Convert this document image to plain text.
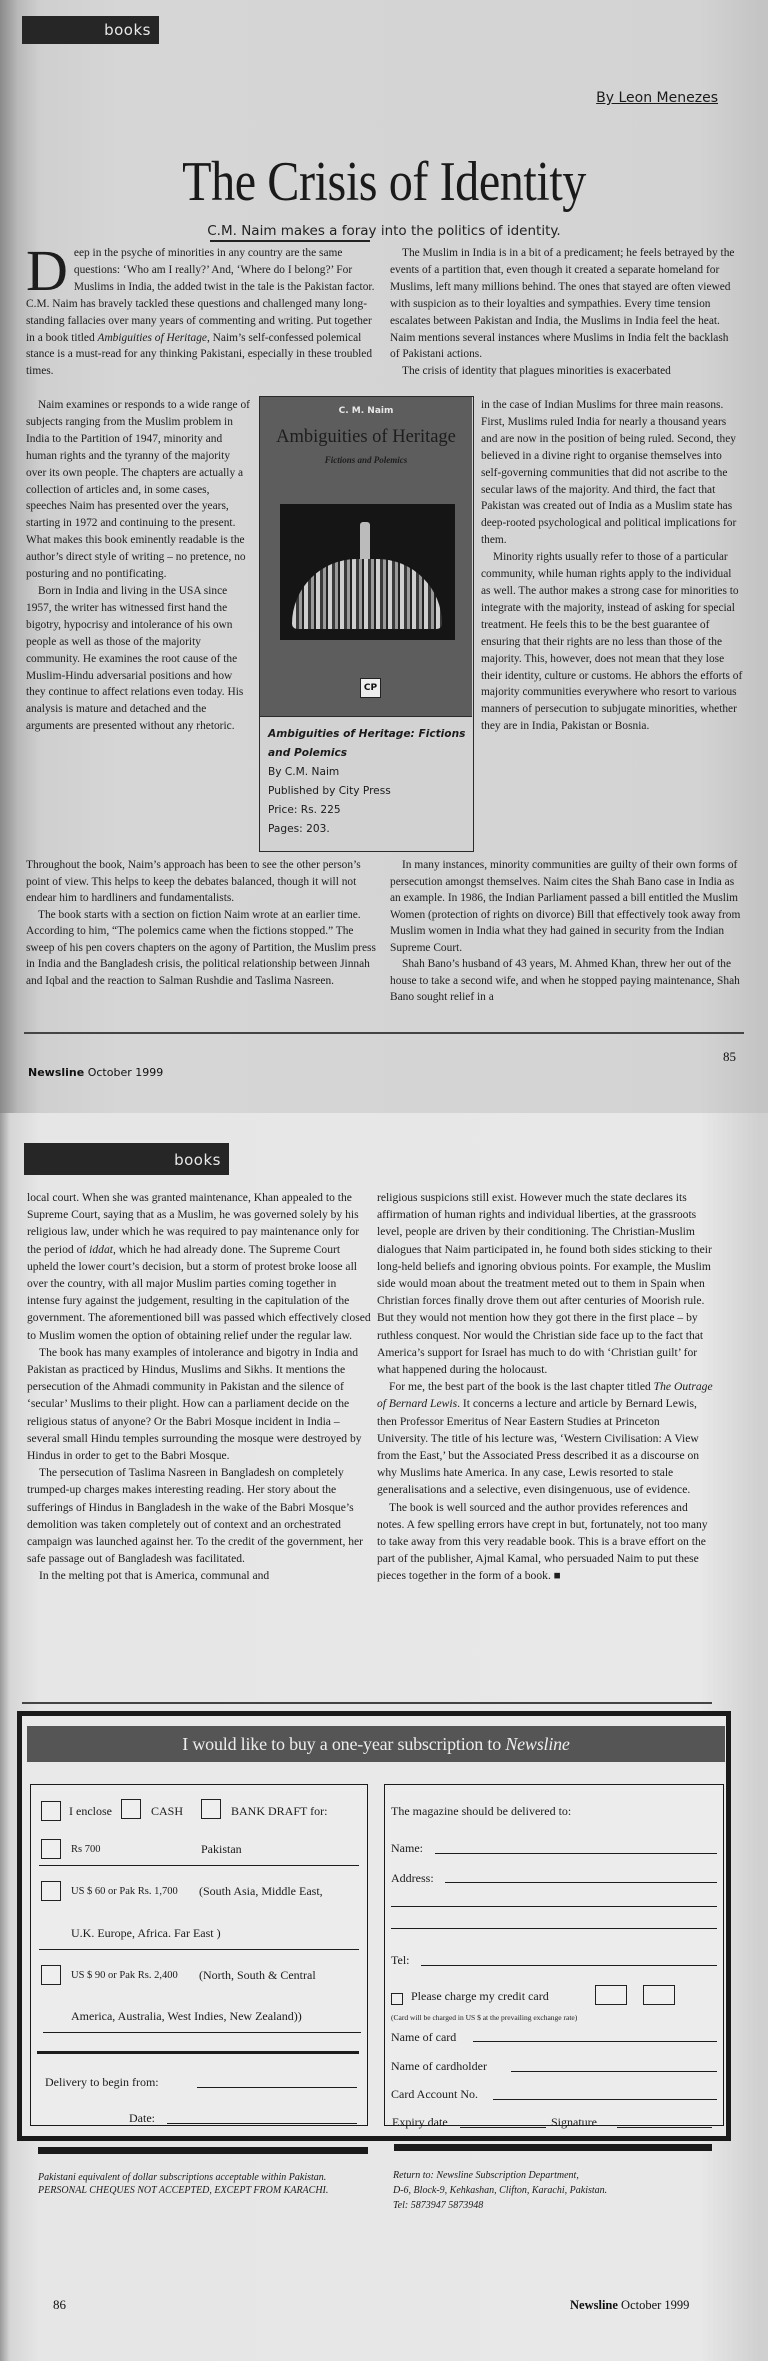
books
By Leon Menezes
The Crisis of Identity
C.M. Naim makes a foray into the politics of identity.

Deep in the psyche of minorities in any country are the same questions: ‘Who am I really?’ And, ‘Where do I belong?’ For Muslims in India, the added twist in the tale is the Pakistan factor. C.M. Naim has bravely tackled these questions and challenged many long-standing fallacies over many years of commenting and writing. Put together in a book titled Ambiguities of Heritage, Naim’s self-confessed polemical stance is a must-read for any thinking Pakistani, especially in these troubled times.

Naim examines or responds to a wide range of subjects ranging from the Muslim problem in India to the Partition of 1947, minority and human rights and the tyranny of the majority over its own people. The chapters are actually a collection of articles and, in some cases, speeches Naim has presented over the years, starting in 1972 and continuing to the present. What makes this book eminently readable is the author’s direct style of writing – no pretence, no posturing and no pontificating.

Born in India and living in the USA since 1957, the writer has witnessed first hand the bigotry, hypocrisy and intolerance of his own people as well as those of the majority community. He examines the root cause of the Muslim-Hindu adversarial positions and how they continue to affect relations even today. His analysis is mature and detached and the arguments are presented without any rhetoric.

Throughout the book, Naim’s approach has been to see the other person’s point of view. This helps to keep the debates balanced, though it will not endear him to hardliners and fundamentalists.

The book starts with a section on fiction Naim wrote at an earlier time. According to him, “The polemics came when the fictions stopped.” The sweep of his pen covers chapters on the agony of Partition, the Muslim press in India and the Bangladesh crisis, the political relationship between Jinnah and Iqbal and the reaction to Salman Rushdie and Taslima Nasreen.

The Muslim in India is in a bit of a predicament; he feels betrayed by the events of a partition that, even though it created a separate homeland for Muslims, left many millions behind. The ones that stayed are often viewed with suspicion as to their loyalties and sympathies. Every time tension escalates between Pakistan and India, the Muslims in India feel the heat. Naim mentions several instances where Muslims in India felt the backlash of Pakistani actions.

The crisis of identity that plagues minorities is exacerbated

in the case of Indian Muslims for three main reasons. First, Muslims ruled India for nearly a thousand years and are now in the position of being ruled. Second, they believed in a divine right to organise themselves into self-governing communities that did not ascribe to the secular laws of the majority. And third, the fact that Pakistan was created out of India as a Muslim state has deep-rooted psychological and political implications for them.

Minority rights usually refer to those of a particular community, while human rights apply to the individual as well. The author makes a strong case for minorities to integrate with the majority, instead of asking for special treatment. He feels this to be the best guarantee of ensuring that their rights are no less than those of the majority. This, however, does not mean that they lose their identity, culture or customs. He abhors the efforts of majority communities everywhere who resort to various manners of persecution to subjugate minorities, whether they are in India, Pakistan or Bosnia.

In many instances, minority communities are guilty of their own forms of persecution amongst themselves. Naim cites the Shah Bano case in India as an example. In 1986, the Indian Parliament passed a bill entitled the Muslim Women (protection of rights on divorce) Bill that effectively took away from Muslim women in India what they had gained in security from the Indian Supreme Court.

Shah Bano’s husband of 43 years, M. Ahmed Khan, threw her out of the house to take a second wife, and when he stopped paying maintenance, Shah Bano sought relief in a

C. M. Naim
Ambiguities of Heritage
Fictions and Polemics
CP
Ambiguities of Heritage: Fictions and Polemics
By C.M. Naim
Published by City Press
Price: Rs. 225
Pages: 203.
Newsline October 1999
85
books

local court. When she was granted maintenance, Khan appealed to the Supreme Court, saying that as a Muslim, he was governed solely by his religious law, under which he was required to pay maintenance only for the period of iddat, which he had already done. The Supreme Court upheld the lower court’s decision, but a storm of protest broke loose all over the country, with all major Muslim parties coming together in intense fury against the judgement, resulting in the capitulation of the government. The aforementioned bill was passed which effectively closed to Muslim women the option of obtaining relief under the regular law.

The book has many examples of intolerance and bigotry in India and Pakistan as practiced by Hindus, Muslims and Sikhs. It mentions the persecution of the Ahmadi community in Pakistan and the silence of ‘secular’ Muslims to their plight. How can a parliament decide on the religious status of anyone? Or the Babri Mosque incident in India – several small Hindu temples surrounding the mosque were destroyed by Hindus in order to get to the Babri Mosque.

The persecution of Taslima Nasreen in Bangladesh on completely trumped-up charges makes interesting reading. Her story about the sufferings of Hindus in Bangladesh in the wake of the Babri Mosque’s demolition was taken completely out of context and an orchestrated campaign was launched against her. To the credit of the government, her safe passage out of Bangladesh was facilitated.

In the melting pot that is America, communal and

religious suspicions still exist. However much the state declares its affirmation of human rights and individual liberties, at the grassroots level, people are driven by their conditioning. The Christian-Muslim dialogues that Naim participated in, he found both sides sticking to their long-held beliefs and ignoring obvious points. For example, the Muslim side would moan about the treatment meted out to them in Spain when Christian forces finally drove them out after centuries of Moorish rule. But they would not mention how they got there in the first place – by ruthless conquest. Nor would the Christian side face up to the fact that America’s support for Israel has much to do with ‘Christian guilt’ for what happened during the holocaust.

For me, the best part of the book is the last chapter titled The Outrage of Bernard Lewis. It concerns a lecture and article by Bernard Lewis, then Professor Emeritus of Near Eastern Studies at Princeton University. The title of his lecture was, ‘Western Civilisation: A View from the East,’ but the Associated Press described it as a discourse on why Muslims hate America. In any case, Lewis resorted to stale generalisations and a selective, even disingenuous, use of evidence.

The book is well sourced and the author provides references and notes. A few spelling errors have crept in but, fortunately, not too many to take away from this very readable book. This is a brave effort on the part of the publisher, Ajmal Kamal, who persuaded Naim to put these pieces together in the form of a book. ■

I would like to buy a one-year subscription to Newsline
I enclose	CASH	BANK DRAFT for:
Rs 700	Pakistan
US $ 60 or Pak Rs. 1,700 (South Asia, Middle East,
U.K. Europe, Africa. Far East )
US $ 90 or Pak Rs. 2,400 (North, South & Central
America, Australia, West Indies, New Zealand))
Delivery to begin from:
Date:
The magazine should be delivered to:
Name:
Address:
Tel:
Please charge my credit card
(Card will be charged in US $ at the prevailing exchange rate)
Name of card
Name of cardholder
Card Account No.
Expiry date	Signature
Pakistani equivalent of dollar subscriptions acceptable within Pakistan.
PERSONAL CHEQUES NOT ACCEPTED, EXCEPT FROM KARACHI.
Return to: Newsline Subscription Department,
D-6, Block-9, Kehkashan, Clifton, Karachi, Pakistan.
Tel: 5873947 5873948
86	Newsline October 1999
